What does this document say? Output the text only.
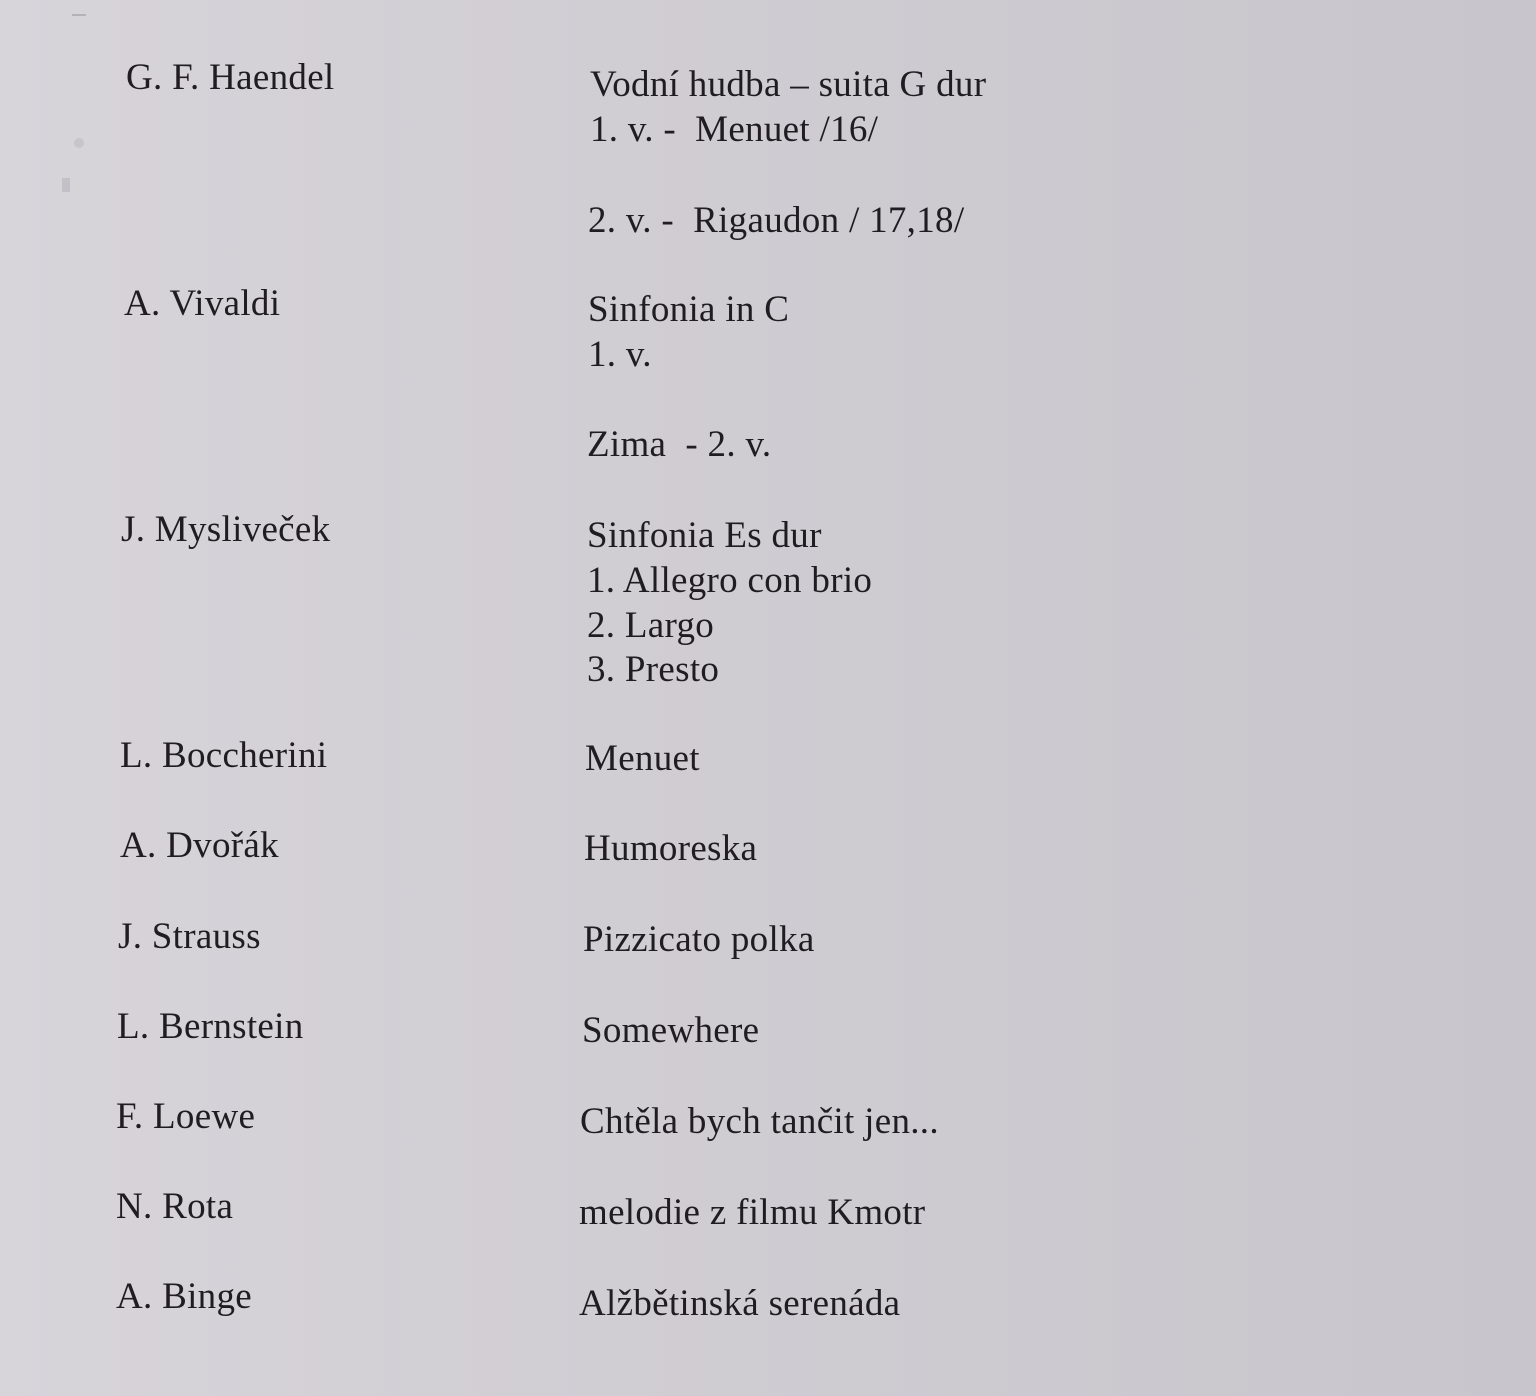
G. F. Haendel	Vodní hudba – suita G dur
1. v. -  Menuet /16/
2. v. -  Rigaudon / 17,18/
A. Vivaldi	Sinfonia in C
1. v.
Zima  - 2. v.
J. Mysliveček	Sinfonia Es dur
1. Allegro con brio
2. Largo
3. Presto
L. Boccherini	Menuet
A. Dvořák	Humoreska
J. Strauss	Pizzicato polka
L. Bernstein	Somewhere
F. Loewe	Chtěla bych tančit jen...
N. Rota	melodie z filmu Kmotr
A. Binge	Alžbětinská serenáda
